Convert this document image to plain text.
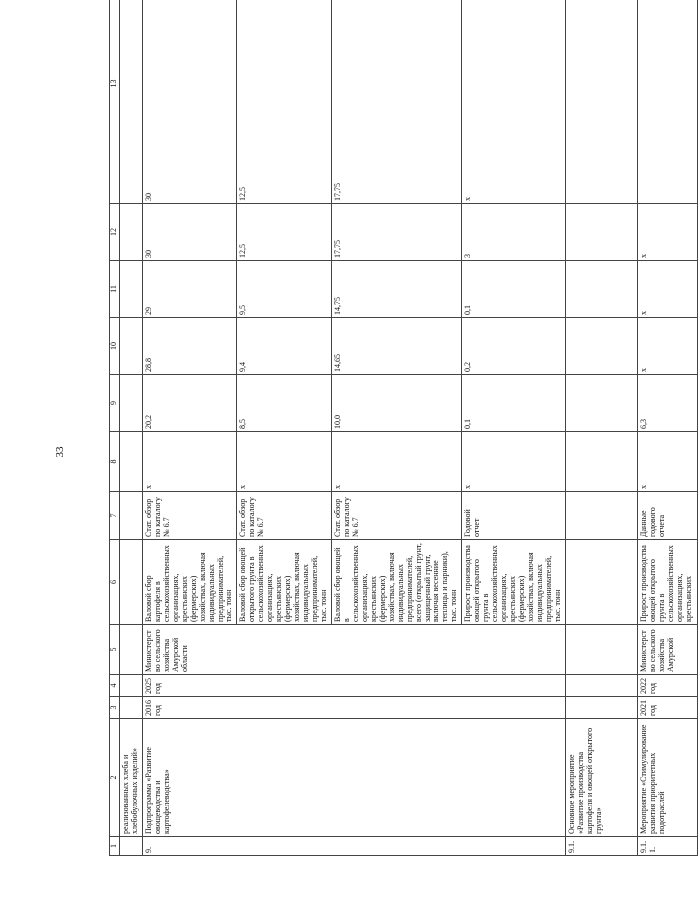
33
1	2	3	4	5	6	7	8	9	10	11	12	13
	реализованных хлеба и хлебобулочных изделий»											
9.	Подпрограмма «Развитие овощеводства и картофелеводства»	2016 год	2025 год	Министерство сельского хозяйства Амурской области	Валовой сбор картофеля в сельскохозяйственных организациях, крестьянских (фермерских) хозяйствах, включая индивидуальных предпринимателей, тыс. тонн	Стат. обзор по каталогу № 6.7	х	20,2	28,8	29	30	30
					Валовой сбор овощей открытого грунта в сельскохозяйственных организациях, крестьянских (фермерских) хозяйствах, включая индивидуальных предпринимателей, тыс. тонн	Стат. обзор по каталогу № 6.7	х	8,5	9,4	9,5	12,5	12,5
					Валовой сбор овощей в сельскохозяйственных организациях, крестьянских (фермерских) хозяйствах, включая индивидуальных предпринимателей, всего (открытый грунт, защищенный грунт, включая весенние теплицы и парники), тыс. тонн	Стат. обзор по каталогу № 6.7	х	10,0	14,65	14,75	17,75	17,75
					Прирост производства овощей открытого грунта в сельскохозяйственных организациях, крестьянских (фермерских) хозяйствах, включая индивидуальных предпринимателей, тыс. тонн	Годовой отчет	х	0,1	0,2	0,1	3	х
9.1.	Основное мероприятие «Развитие производства картофеля и овощей открытого грунта»											
9.1.1.	Мероприятие «Стимулирование развития приоритетных подотраслей	2021 год	2022 год	Министерство сельского хозяйства Амурской	Прирост производства овощей открытого грунта в сельскохозяйственных организациях, крестьянских	Данные годового отчета	х	6,3	х	х	х	
